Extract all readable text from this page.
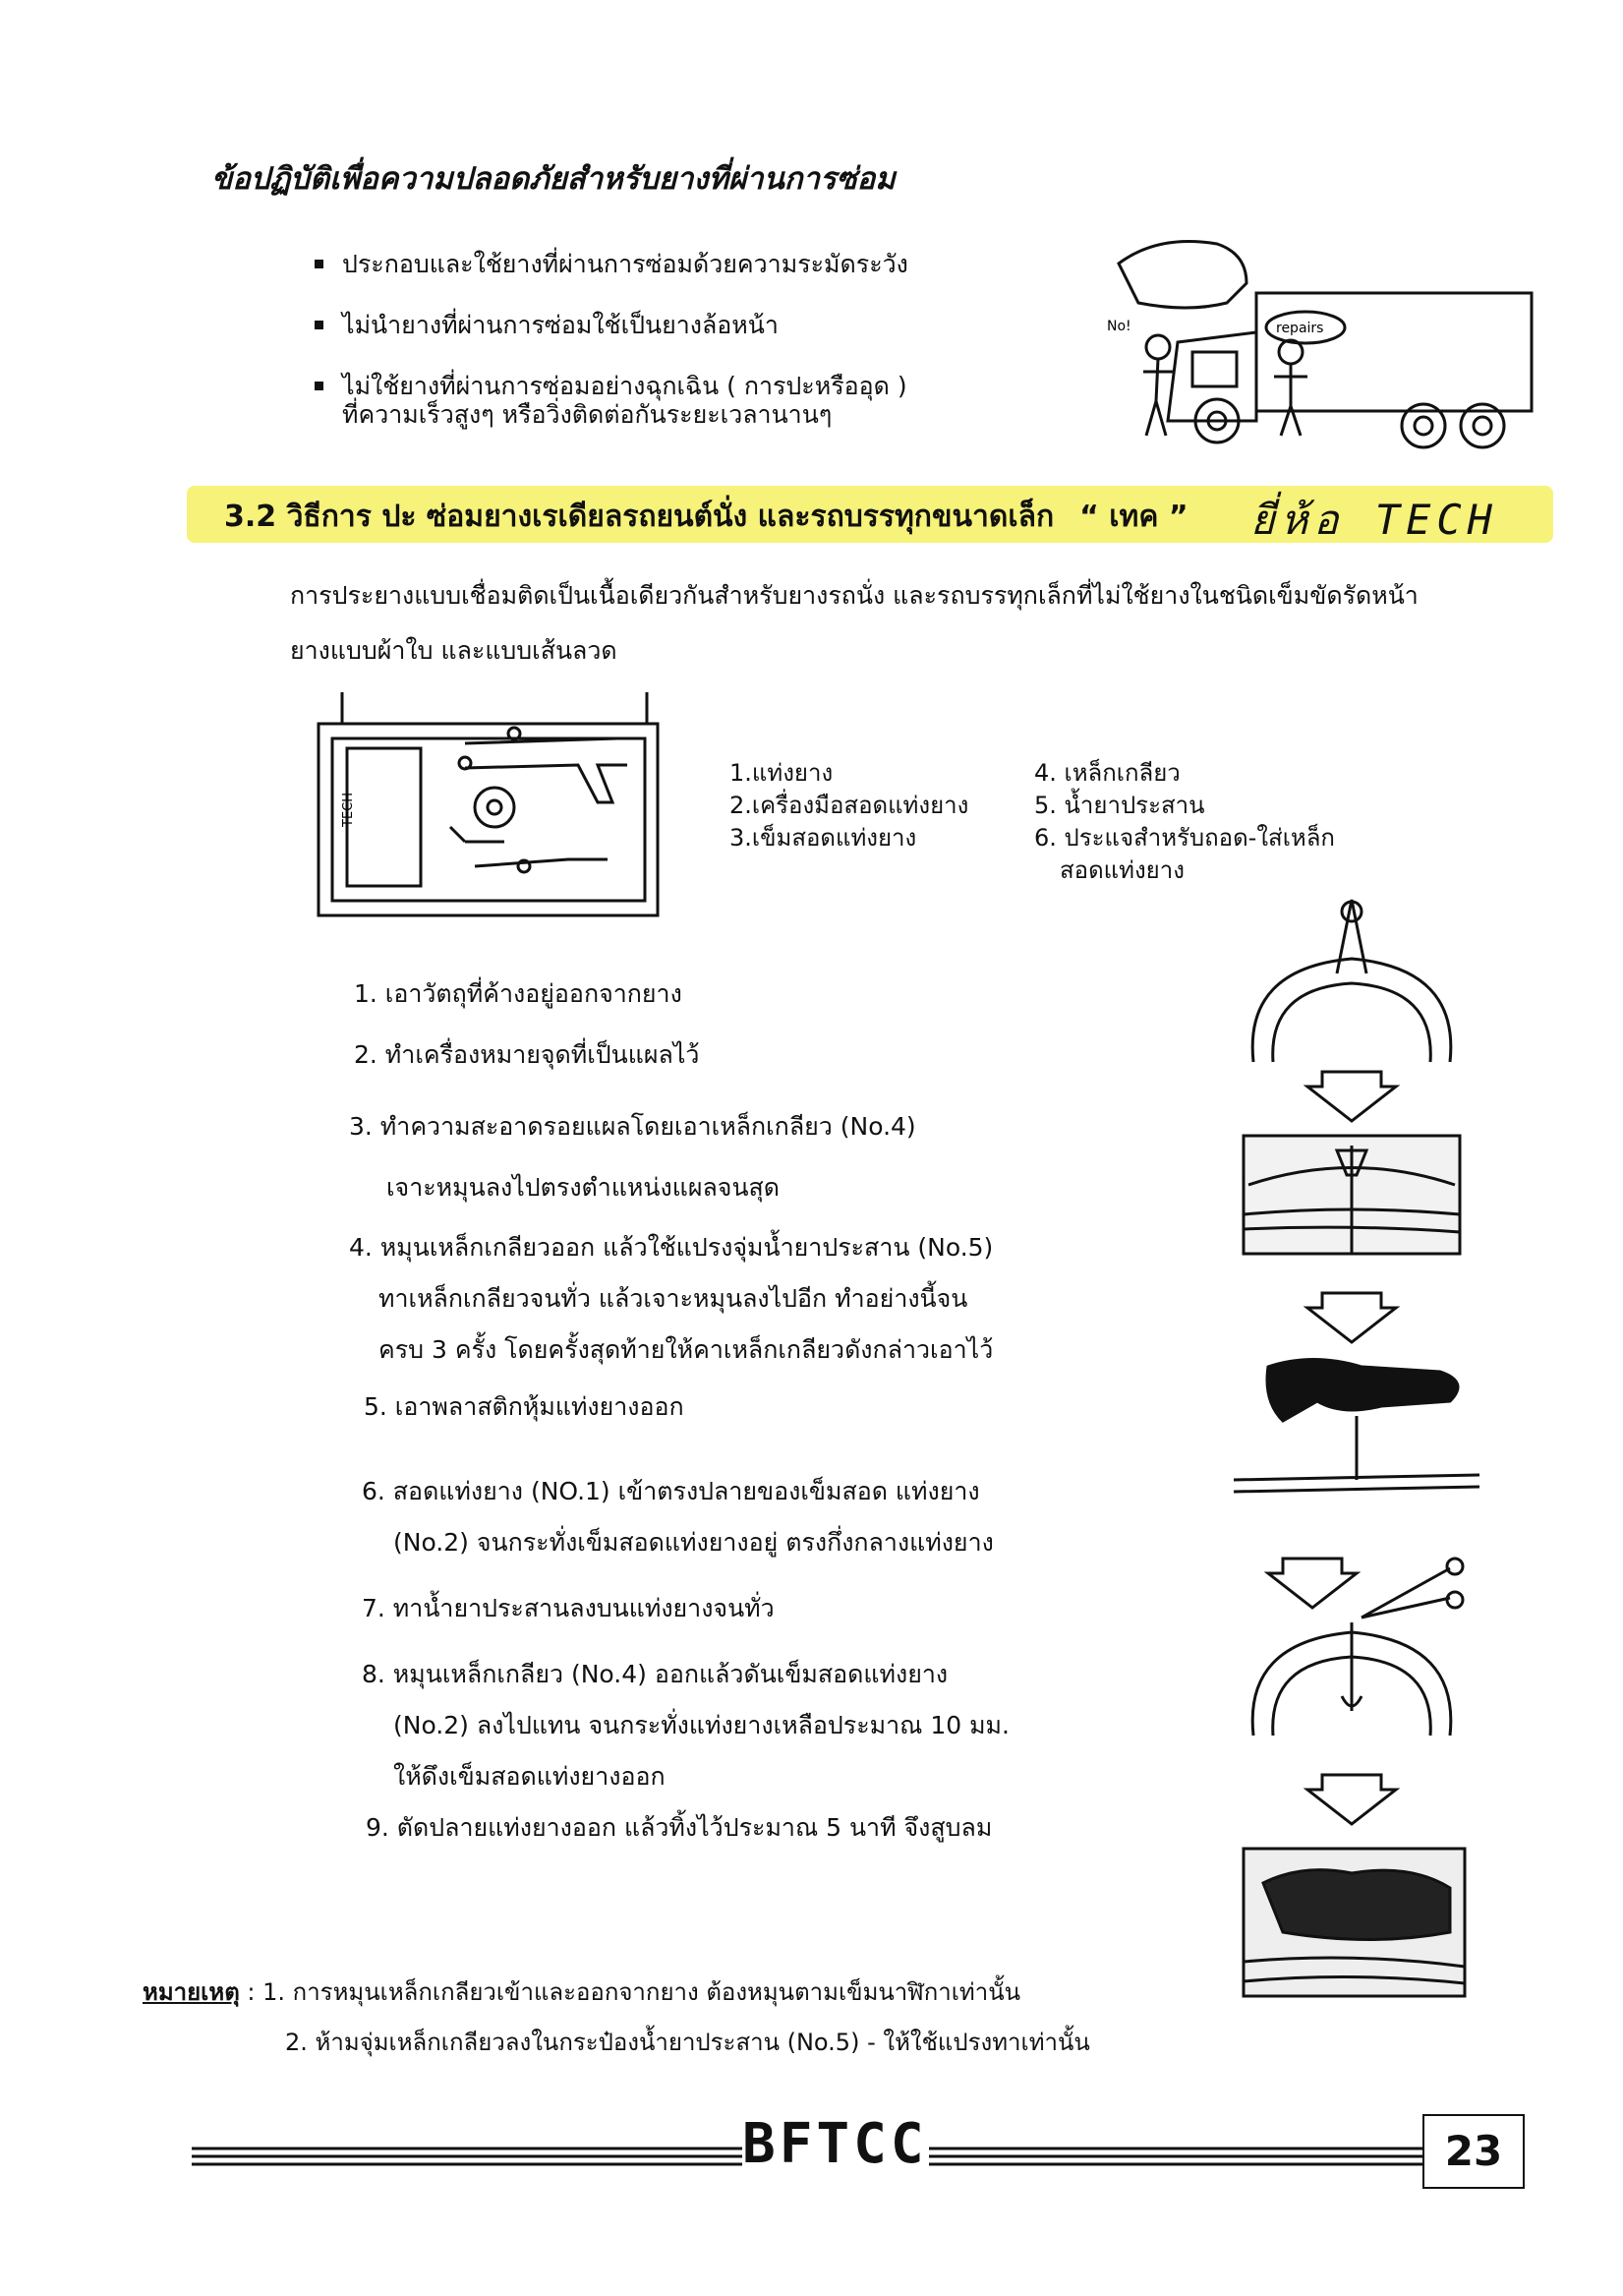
ข้อปฏิบัติเพื่อความปลอดภัยสำหรับยางที่ผ่านการซ่อม
ประกอบและใช้ยางที่ผ่านการซ่อมด้วยความระมัดระวัง
ไม่นำยางที่ผ่านการซ่อมใช้เป็นยางล้อหน้า
ไม่ใช้ยางที่ผ่านการซ่อมอย่างฉุกเฉิน ( การปะหรืออุด )
ที่ความเร็วสูงๆ หรือวิ่งติดต่อกันระยะเวลานานๆ
No!	repairs
3.2 วิธีการ ปะ ซ่อมยางเรเดียลรถยนต์นั่ง และรถบรรทุกขนาดเล็ก “ เทค ” ยี่ห้อ TECH
การประยางแบบเชื่อมติดเป็นเนื้อเดียวกันสำหรับยางรถนั่ง และรถบรรทุกเล็กที่ไม่ใช้ยางในชนิดเข็มขัดรัดหน้า
ยางแบบผ้าใบ และแบบเส้นลวด
TECH
1.แท่งยาง
2.เครื่องมือสอดแท่งยาง
3.เข็มสอดแท่งยาง
4. เหล็กเกลียว
5. น้ำยาประสาน
6. ประแจสำหรับถอด-ใส่เหล็ก
สอดแท่งยาง
1. เอาวัตถุที่ค้างอยู่ออกจากยาง
2. ทำเครื่องหมายจุดที่เป็นแผลไว้
3. ทำความสะอาดรอยแผลโดยเอาเหล็กเกลียว (No.4)
เจาะหมุนลงไปตรงตำแหน่งแผลจนสุด
4. หมุนเหล็กเกลียวออก แล้วใช้แปรงจุ่มน้ำยาประสาน (No.5)
ทาเหล็กเกลียวจนทั่ว แล้วเจาะหมุนลงไปอีก ทำอย่างนี้จน
ครบ 3 ครั้ง โดยครั้งสุดท้ายให้คาเหล็กเกลียวดังกล่าวเอาไว้
5. เอาพลาสติกหุ้มแท่งยางออก
6. สอดแท่งยาง (NO.1) เข้าตรงปลายของเข็มสอด แท่งยาง
(No.2) จนกระทั่งเข็มสอดแท่งยางอยู่ ตรงกึ่งกลางแท่งยาง
7. ทาน้ำยาประสานลงบนแท่งยางจนทั่ว
8. หมุนเหล็กเกลียว (No.4) ออกแล้วดันเข็มสอดแท่งยาง
(No.2) ลงไปแทน จนกระทั่งแท่งยางเหลือประมาณ 10 มม.
ให้ดึงเข็มสอดแท่งยางออก
9. ตัดปลายแท่งยางออก แล้วทิ้งไว้ประมาณ 5 นาที จึงสูบลม
หมายเหตุ : 1. การหมุนเหล็กเกลียวเข้าและออกจากยาง ต้องหมุนตามเข็มนาฬิกาเท่านั้น
2. ห้ามจุ่มเหล็กเกลียวลงในกระป๋องน้ำยาประสาน (No.5) - ให้ใช้แปรงทาเท่านั้น
BFTCC	23
